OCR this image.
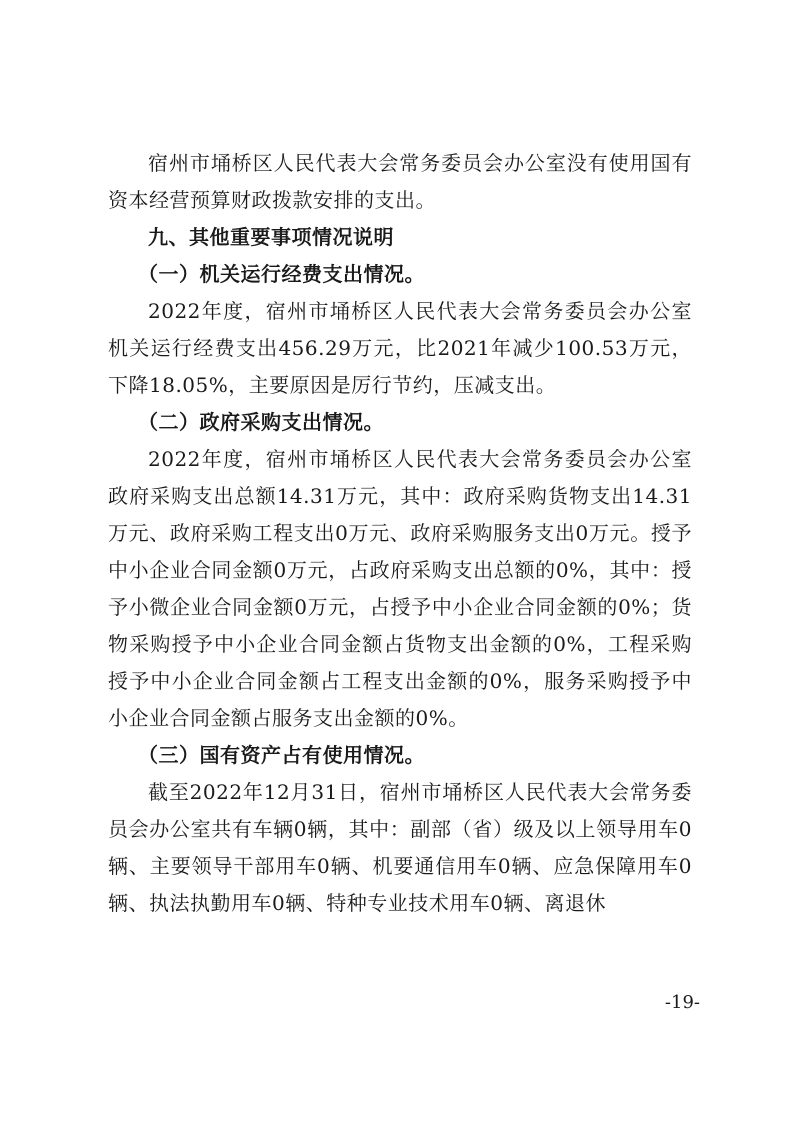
宿州市埇桥区人民代表大会常务委员会办公室没有使用国有资本经营预算财政拨款安排的支出。

九、其他重要事项情况说明

（一）机关运行经费支出情况。

2022年度，宿州市埇桥区人民代表大会常务委员会办公室机关运行经费支出456.29万元，比2021年减少100.53万元，下降18.05%，主要原因是厉行节约，压减支出。

（二）政府采购支出情况。

2022年度，宿州市埇桥区人民代表大会常务委员会办公室政府采购支出总额14.31万元，其中：政府采购货物支出14.31万元、政府采购工程支出0万元、政府采购服务支出0万元。授予中小企业合同金额0万元，占政府采购支出总额的0%，其中：授予小微企业合同金额0万元，占授予中小企业合同金额的0%；货物采购授予中小企业合同金额占货物支出金额的0%，工程采购授予中小企业合同金额占工程支出金额的0%，服务采购授予中小企业合同金额占服务支出金额的0%。

（三）国有资产占有使用情况。

截至2022年12月31日，宿州市埇桥区人民代表大会常务委员会办公室共有车辆0辆，其中：副部（省）级及以上领导用车0辆、主要领导干部用车0辆、机要通信用车0辆、应急保障用车0辆、执法执勤用车0辆、特种专业技术用车0辆、离退休

-19-
